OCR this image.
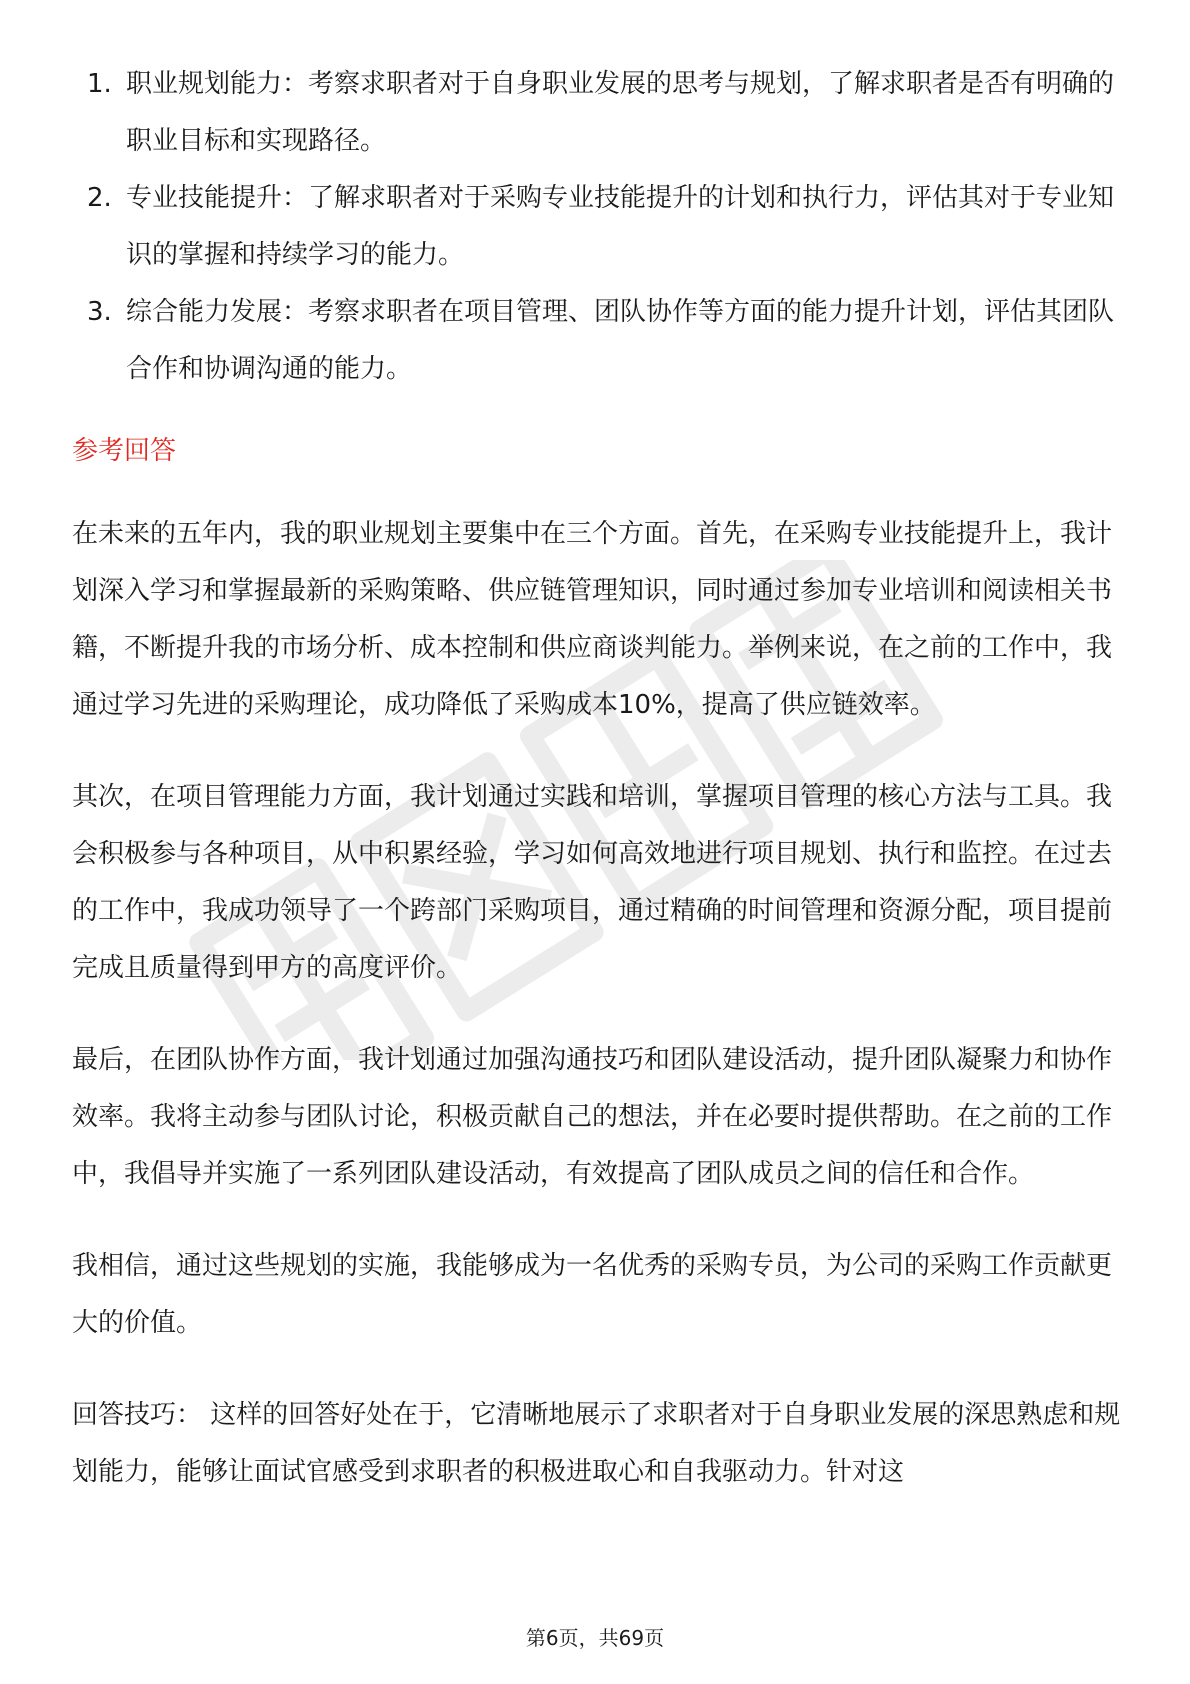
1. 职业规划能力：考察求职者对于自身职业发展的思考与规划，了解求职者是否有明确的职业目标和实现路径。
2. 专业技能提升：了解求职者对于采购专业技能提升的计划和执行力，评估其对于专业知识的掌握和持续学习的能力。
3. 综合能力发展：考察求职者在项目管理、团队协作等方面的能力提升计划，评估其团队合作和协调沟通的能力。
参考回答

在未来的五年内，我的职业规划主要集中在三个方面。首先，在采购专业技能提升上，我计划深入学习和掌握最新的采购策略、供应链管理知识，同时通过参加专业培训和阅读相关书籍，不断提升我的市场分析、成本控制和供应商谈判能力。举例来说，在之前的工作中，我通过学习先进的采购理论，成功降低了采购成本10%，提高了供应链效率。

其次，在项目管理能力方面，我计划通过实践和培训，掌握项目管理的核心方法与工具。我会积极参与各种项目，从中积累经验，学习如何高效地进行项目规划、执行和监控。在过去的工作中，我成功领导了一个跨部门采购项目，通过精确的时间管理和资源分配，项目提前完成且质量得到甲方的高度评价。

最后，在团队协作方面，我计划通过加强沟通技巧和团队建设活动，提升团队凝聚力和协作效率。我将主动参与团队讨论，积极贡献自己的想法，并在必要时提供帮助。在之前的工作中，我倡导并实施了一系列团队建设活动，有效提高了团队成员之间的信任和合作。

我相信，通过这些规划的实施，我能够成为一名优秀的采购专员，为公司的采购工作贡献更大的价值。

回答技巧： 这样的回答好处在于，它清晰地展示了求职者对于自身职业发展的深思熟虑和规划能力，能够让面试官感受到求职者的积极进取心和自我驱动力。针对这

第6页，共69页
